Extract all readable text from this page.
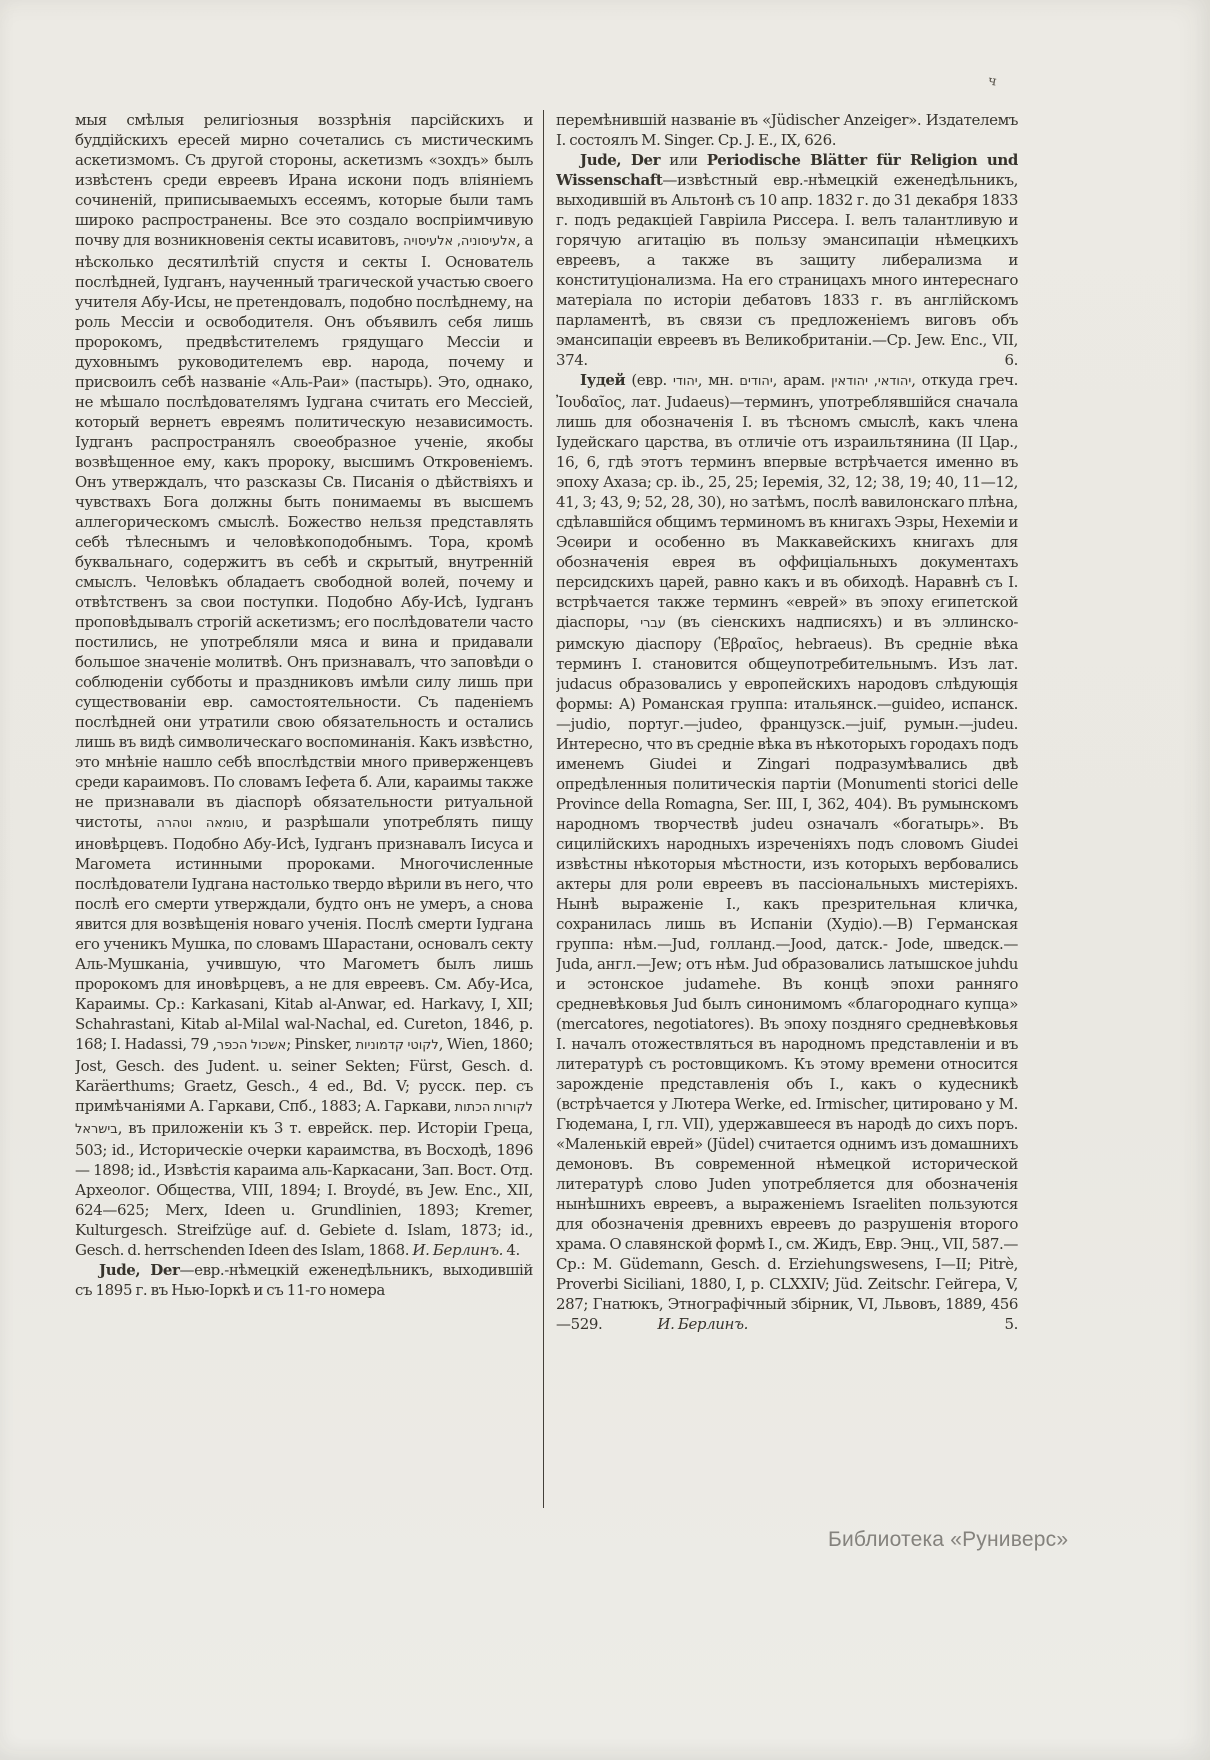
ч

мыя смѣлыя религіозныя воззрѣнія парсійскихъ и буддійскихъ ересей мирно сочетались съ мистическимъ аскетизмомъ. Съ другой стороны, аскетизмъ «зохдъ» былъ извѣстенъ среди евреевъ Ирана искони подъ вліяніемъ сочиненій, приписываемыхъ ессеямъ, которые были тамъ широко распространены. Все это создало воспріимчивую почву для возникновенія секты исавитовъ, אלעיסוניה, אלעיסויה, а нѣсколько десятилѣтій спустя и секты І. Основатель послѣдней, Іудганъ, наученный трагической участью своего учителя Абу-Исы, не претендовалъ, подобно послѣднему, на роль Мессіи и освободителя. Онъ объявилъ себя лишь пророкомъ, предвѣстителемъ грядущаго Мессіи и духовнымъ руководителемъ евр. народа, почему и присвоилъ себѣ названіе «Аль-Раи» (пастырь). Это, однако, не мѣшало послѣдователямъ Іудгана считать его Мессіей, который вернетъ евреямъ политическую независимость. Іудганъ распространялъ своеобразное ученіе, якобы возвѣщенное ему, какъ пророку, высшимъ Откровеніемъ. Онъ утверждалъ, что разсказы Св. Писанія о дѣйствіяхъ и чувствахъ Бога должны быть понимаемы въ высшемъ аллегорическомъ смыслѣ. Божество нельзя представлять себѣ тѣлеснымъ и человѣкоподобнымъ. Тора, кромѣ буквальнаго, содержитъ въ себѣ и скрытый, внутренній смыслъ. Человѣкъ обладаетъ свободной волей, почему и отвѣтственъ за свои поступки. Подобно Абу-Исѣ, Іудганъ проповѣдывалъ строгій аскетизмъ; его послѣдователи часто постились, не употребляли мяса и вина и придавали большое значеніе молитвѣ. Онъ признавалъ, что заповѣди о соблюденіи субботы и праздниковъ имѣли силу лишь при существованіи евр. самостоятельности. Съ паденіемъ послѣдней они утратили свою обязательность и остались лишь въ видѣ символическаго воспоминанія. Какъ извѣстно, это мнѣніе нашло себѣ впослѣдствіи много приверженцевъ среди караимовъ. По словамъ Іефета б. Али, караимы также не признавали въ діаспорѣ обязательности ритуальной чистоты, טומאה וטהרה, и разрѣшали употреблять пищу иновѣрцевъ. Подобно Абу-Исѣ, Іудганъ признавалъ Іисуса и Магомета истинными пророками. Многочисленные послѣдователи Іудгана настолько твердо вѣрили въ него, что послѣ его смерти утверждали, будто онъ не умеръ, а снова явится для возвѣщенія новаго ученія. Послѣ смерти Іудгана его ученикъ Мушка, по словамъ Шарастани, основалъ секту Аль-Мушканіа, учившую, что Магометъ былъ лишь пророкомъ для иновѣрцевъ, а не для евреевъ. См. Абу-Иса, Караимы. Ср.: Karkasani, Kitab al-Anwar, ed. Harkavy, I, XII; Schahrastani, Kitab al-Milal wal-Nachal, ed. Cureton, 1846, p. 168; I. Hadassi, אשכול הכפר, 79; Pinsker, לקוטי קדמוניות, Wien, 1860; Jost, Gesch. des Judent. u. seiner Sekten; Fürst, Gesch. d. Karäerthums; Graetz, Gesch., 4 ed., Bd. V; русск. пер. съ примѣчаніями А. Гаркави, Спб., 1883; А. Гаркави, לקורות הכתות בישראל, въ приложеніи къ 3 т. еврейск. пер. Исторіи Греца, 503; id., Историческіе очерки караимства, въ Восходѣ, 1896 — 1898; id., Извѣстія караима аль-Каркасани, Зап. Вост. Отд. Археолог. Общества, VIII, 1894; I. Broydé, въ Jew. Enc., XII, 624—625; Merx, Ideen u. Grundlinien, 1893; Kremer, Kulturgesch. Streifzüge auf. d. Gebiete d. Islam, 1873; id., Gesch. d. herrschenden Ideen des Islam, 1868. И. Берлинъ. 4.

Jude, Der—евр.-нѣмецкій еженедѣльникъ, выходившій съ 1895 г. въ Нью-Іоркѣ и съ 11-го номера

перемѣнившій названіе въ «Jüdischer Anzeiger». Издателемъ I. состоялъ M. Singer. Ср. J. E., IX, 626.

Jude, Der или Periodische Blätter für Religion und Wissenschaft—извѣстный евр.-нѣмецкій еженедѣльникъ, выходившій въ Альтонѣ съ 10 апр. 1832 г. до 31 декабря 1833 г. подъ редакціей Гавріила Риссера. І. велъ талантливую и горячую агитацію въ пользу эмансипаціи нѣмецкихъ евреевъ, а также въ защиту либерализма и конституціонализма. На его страницахъ много интереснаго матеріала по исторіи дебатовъ 1833 г. въ англійскомъ парламентѣ, въ связи съ предложеніемъ виговъ объ эмансипаціи евреевъ въ Великобританіи.—Ср. Jew. Enc., VII, 374.	6.

Іудей (евр. יהודי, мн. יהודים, арам. יהודאי, יהודאין, откуда греч. Ἰουδαῖος, лат. Judaeus)—терминъ, употреблявшійся сначала лишь для обозначенія I. въ тѣсномъ смыслѣ, какъ члена Іудейскаго царства, въ отличіе отъ израильтянина (II Цар., 16, 6, гдѣ этотъ терминъ впервые встрѣчается именно въ эпоху Ахаза; ср. ib., 25, 25; Іеремія, 32, 12; 38, 19; 40, 11—12, 41, 3; 43, 9; 52, 28, 30), но затѣмъ, послѣ вавилонскаго плѣна, сдѣлавшійся общимъ терминомъ въ книгахъ Эзры, Нехеміи и Эсѳири и особенно въ Маккавейскихъ книгахъ для обозначенія еврея въ оффиціальныхъ документахъ персидскихъ царей, равно какъ и въ обиходѣ. Наравнѣ съ I. встрѣчается также терминъ «еврей» въ эпоху египетской діаспоры, עברי (въ сіенскихъ надписяхъ) и въ эллинско-римскую діаспору (Ἑβραῖος, hebraeus). Въ средніе вѣка терминъ I. становится общеупотребительнымъ. Изъ лат. judacus образовались у европейскихъ народовъ слѣдующія формы: А) Романская группа: итальянск.—guideo, испанск.—judio, португ.—judeo, французск.—juif, румын.—judeu. Интересно, что въ средніе вѣка въ нѣкоторыхъ городахъ подъ именемъ Giudei и Zingari подразумѣвались двѣ опредѣленныя политическія партіи (Monumenti storici delle Province della Romagna, Ser. III, I, 362, 404). Въ румынскомъ народномъ творчествѣ judeu означалъ «богатырь». Въ сицилійскихъ народныхъ изреченіяхъ подъ словомъ Giudei извѣстны нѣкоторыя мѣстности, изъ которыхъ вербовались актеры для роли евреевъ въ пассіональныхъ мистеріяхъ. Нынѣ выраженіе I., какъ презрительная кличка, сохранилась лишь въ Испаніи (Худіо).—В) Германская группа: нѣм.—Jud, голланд.—Jood, датск.- Jode, шведск.—Juda, англ.—Jew; отъ нѣм. Jud образовались латышское juhdu и эстонское judamehe. Въ концѣ эпохи ранняго средневѣковья Jud былъ синонимомъ «благороднаго купца» (mercatores, negotiatores). Въ эпоху поздняго средневѣковья I. началъ отожествляться въ народномъ представленіи и въ литературѣ съ ростовщикомъ. Къ этому времени относится зарожденіе представленія объ I., какъ о кудесникѣ (встрѣчается у Лютера Werke, ed. Irmischer, цитировано у М. Гюдемана, I, гл. VII), удержавшееся въ народѣ до сихъ поръ. «Маленькій еврей» (Jüdel) считается однимъ изъ домашнихъ демоновъ. Въ современной нѣмецкой исторической литературѣ слово Juden употребляется для обозначенія нынѣшнихъ евреевъ, а выраженіемъ Israeliten пользуются для обозначенія древнихъ евреевъ до разрушенія второго храма. О славянской формѣ I., см. Жидъ, Евр. Энц., VII, 587.—Ср.: M. Güdemann, Gesch. d. Erziehungswesens, I—II; Pitrè, Proverbi Siciliani, 1880, I, p. CLXXIV; Jüd. Zeitschr. Гейгера, V, 287; Гнатюкъ, Этнографічный збірник, VI, Львовъ, 1889, 456—529.	И. Берлинъ.	5.

Библиотека «Руниверс»
